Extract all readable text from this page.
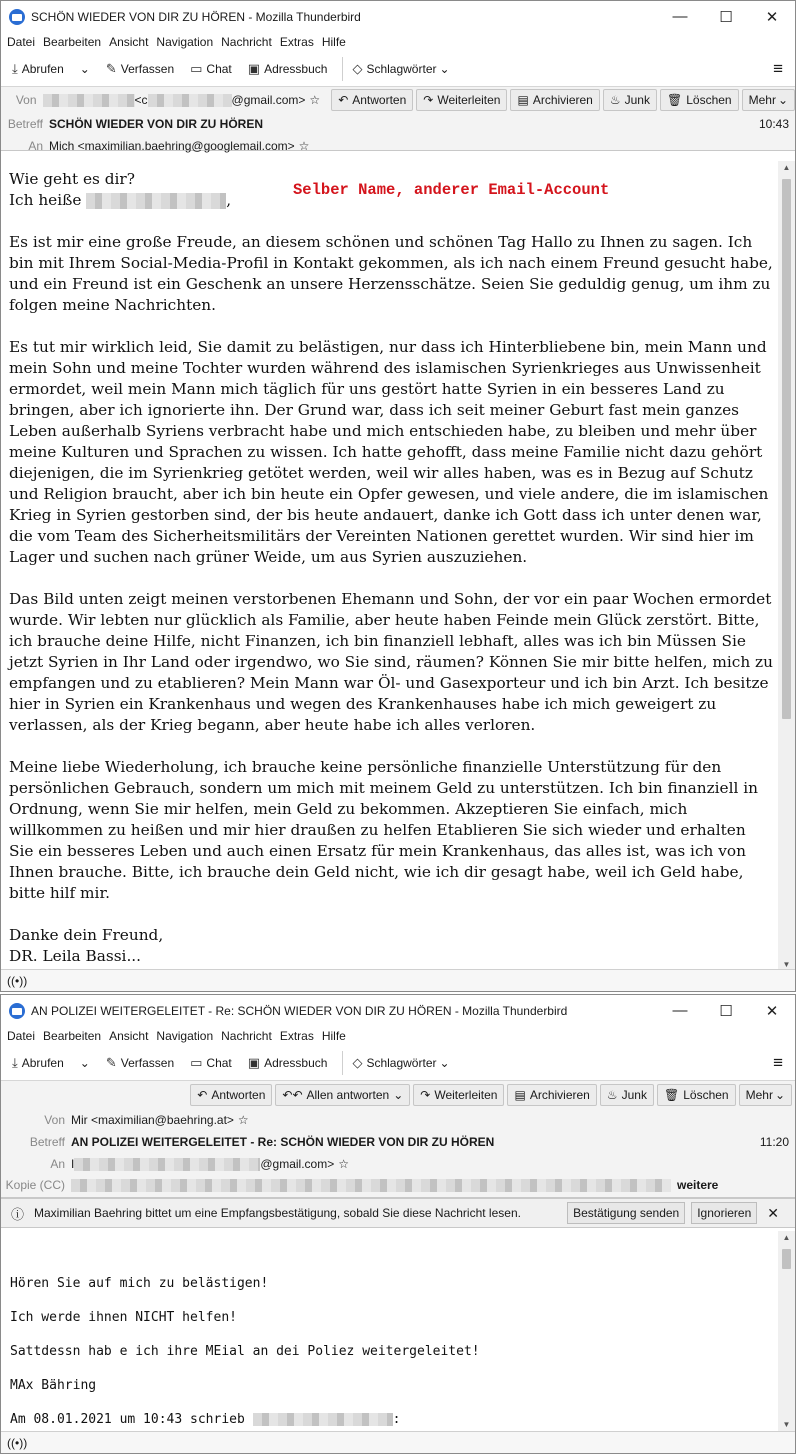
SCHÖN WIEDER VON DIR ZU HÖREN - Mozilla Thunderbird	—	☐	✕
Datei Bearbeiten Ansicht Navigation Nachricht Extras Hilfe
⤓ Abrufen ⌄ ✎ Verfassen ▭ Chat ▣ Adressbuch ◇ Schlagwörter ⌄	≡
Von	<c	@gmail.com> ☆ ↶ Antworten ↷ Weiterleiten ▤ Archivieren ♨ Junk 🗑 Löschen Mehr ⌄
Betreff SCHÖN WIEDER VON DIR ZU HÖREN	10:43
An Mich <maximilian.baehring@googlemail.com> ☆

Wie geht es dir?

Ich heiße	,

Es ist mir eine große Freude, an diesem schönen und schönen Tag Hallo zu Ihnen zu sagen. Ich bin mit Ihrem Social-Media-Profil in Kontakt gekommen, als ich nach einem Freund gesucht habe, und ein Freund ist ein Geschenk an unsere Herzensschätze. Seien Sie geduldig genug, um ihm zu folgen meine Nachrichten.

Es tut mir wirklich leid, Sie damit zu belästigen, nur dass ich Hinterbliebene bin, mein Mann und mein Sohn und meine Tochter wurden während des islamischen Syrienkrieges aus Unwissenheit ermordet, weil mein Mann mich täglich für uns gestört hatte Syrien in ein besseres Land zu bringen, aber ich ignorierte ihn. Der Grund war, dass ich seit meiner Geburt fast mein ganzes Leben außerhalb Syriens verbracht habe und mich entschieden habe, zu bleiben und mehr über meine Kulturen und Sprachen zu wissen. Ich hatte gehofft, dass meine Familie nicht dazu gehört diejenigen, die im Syrienkrieg getötet werden, weil wir alles haben, was es in Bezug auf Schutz und Religion braucht, aber ich bin heute ein Opfer gewesen, und viele andere, die im islamischen Krieg in Syrien gestorben sind, der bis heute andauert, danke ich Gott dass ich unter denen war, die vom Team des Sicherheitsmilitärs der Vereinten Nationen gerettet wurden. Wir sind hier im Lager und suchen nach grüner Weide, um aus Syrien auszuziehen.

Das Bild unten zeigt meinen verstorbenen Ehemann und Sohn, der vor ein paar Wochen ermordet wurde. Wir lebten nur glücklich als Familie, aber heute haben Feinde mein Glück zerstört. Bitte, ich brauche deine Hilfe, nicht Finanzen, ich bin finanziell lebhaft, alles was ich bin Müssen Sie jetzt Syrien in Ihr Land oder irgendwo, wo Sie sind, räumen? Können Sie mir bitte helfen, mich zu empfangen und zu etablieren? Mein Mann war Öl- und Gasexporteur und ich bin Arzt. Ich besitze hier in Syrien ein Krankenhaus und wegen des Krankenhauses habe ich mich geweigert zu verlassen, als der Krieg begann, aber heute habe ich alles verloren.

Meine liebe Wiederholung, ich brauche keine persönliche finanzielle Unterstützung für den persönlichen Gebrauch, sondern um mich mit meinem Geld zu unterstützen. Ich bin finanziell in Ordnung, wenn Sie mir helfen, mein Geld zu bekommen. Akzeptieren Sie einfach, mich willkommen zu heißen und mir hier draußen zu helfen Etablieren Sie sich wieder und erhalten Sie ein besseres Leben und auch einen Ersatz für mein Krankenhaus, das alles ist, was ich von Ihnen brauche. Bitte, ich brauche dein Geld nicht, wie ich dir gesagt habe, weil ich Geld habe, bitte hilf mir.

Danke dein Freund,

DR. Leila Bassi...

Selber Name, anderer Email-Account
▲
▼
((•))
AN POLIZEI WEITERGELEITET - Re: SCHÖN WIEDER VON DIR ZU HÖREN - Mozilla Thunderbird	—	☐	✕
Datei Bearbeiten Ansicht Navigation Nachricht Extras Hilfe
⤓ Abrufen ⌄ ✎ Verfassen ▭ Chat ▣ Adressbuch ◇ Schlagwörter ⌄	≡
↶ Antworten ↶↶ Allen antworten ⌄ ↷ Weiterleiten ▤ Archivieren ♨ Junk 🗑 Löschen Mehr ⌄
Von Mir <maximilian@baehring.at> ☆
Betreff AN POLIZEI WEITERGELEITET - Re: SCHÖN WIEDER VON DIR ZU HÖREN	11:20
An I	@gmail.com> ☆
Kopie (CC)	weitere
ⓘ Maximilian Baehring bittet um eine Empfangsbestätigung, sobald Sie diese Nachricht lesen.	Bestätigung senden	Ignorieren	✕

Hören Sie auf mich zu belästigen!

Ich werde ihnen NICHT helfen!

Sattdessn hab e ich ihre MEial an dei Poliez weitergeleitet!

MAx Bähring

Am 08.01.2021 um 10:43 schrieb	:

▲
▼
((•))
